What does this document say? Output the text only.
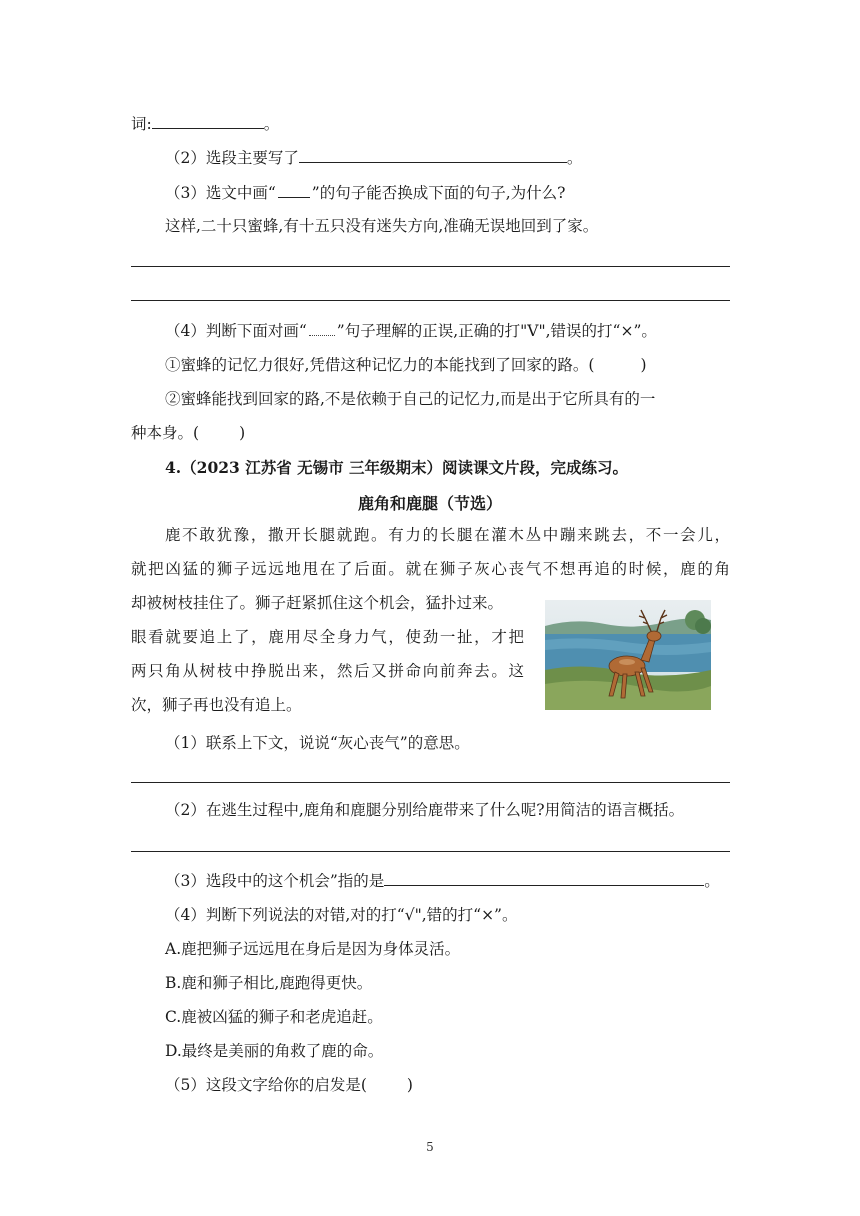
词:	。
（2）选段主要写了	。
（3）选文中画“ ”的句子能否换成下面的句子,为什么?
这样,二十只蜜蜂,有十五只没有迷失方向,准确无误地回到了家。
（4）判断下面对画“ ”句子理解的正误,正确的打"V",错误的打“×”。
①蜜蜂的记忆力很好,凭借这种记忆力的本能找到了回家的路。(	)
②蜜蜂能找到回家的路,不是依赖于自己的记忆力,而是出于它所具有的一
种本身。(	)
4.（2023 江苏省 无锡市 三年级期末）阅读课文片段，完成练习。
鹿角和鹿腿（节选）
鹿不敢犹豫，撒开长腿就跑。有力的长腿在灌木丛中蹦来跳去，不一会儿，
就把凶猛的狮子远远地甩在了后面。就在狮子灰心丧气不想再追的时候，鹿的角
却被树枝挂住了。狮子赶紧抓住这个机会，猛扑过来。
眼看就要追上了，鹿用尽全身力气，使劲一扯，才把
两只角从树枝中挣脱出来，然后又拼命向前奔去。这
次，狮子再也没有追上。
（1）联系上下文，说说“灰心丧气”的意思。
（2）在逃生过程中,鹿角和鹿腿分别给鹿带来了什么呢?用简洁的语言概括。
（3）选段中的这个机会”指的是	。
（4）判断下列说法的对错,对的打“√",错的打“×”。
A.鹿把狮子远远甩在身后是因为身体灵活。
B.鹿和狮子相比,鹿跑得更快。
C.鹿被凶猛的狮子和老虎追赶。
D.最终是美丽的角救了鹿的命。
（5）这段文字给你的启发是(	)
5
